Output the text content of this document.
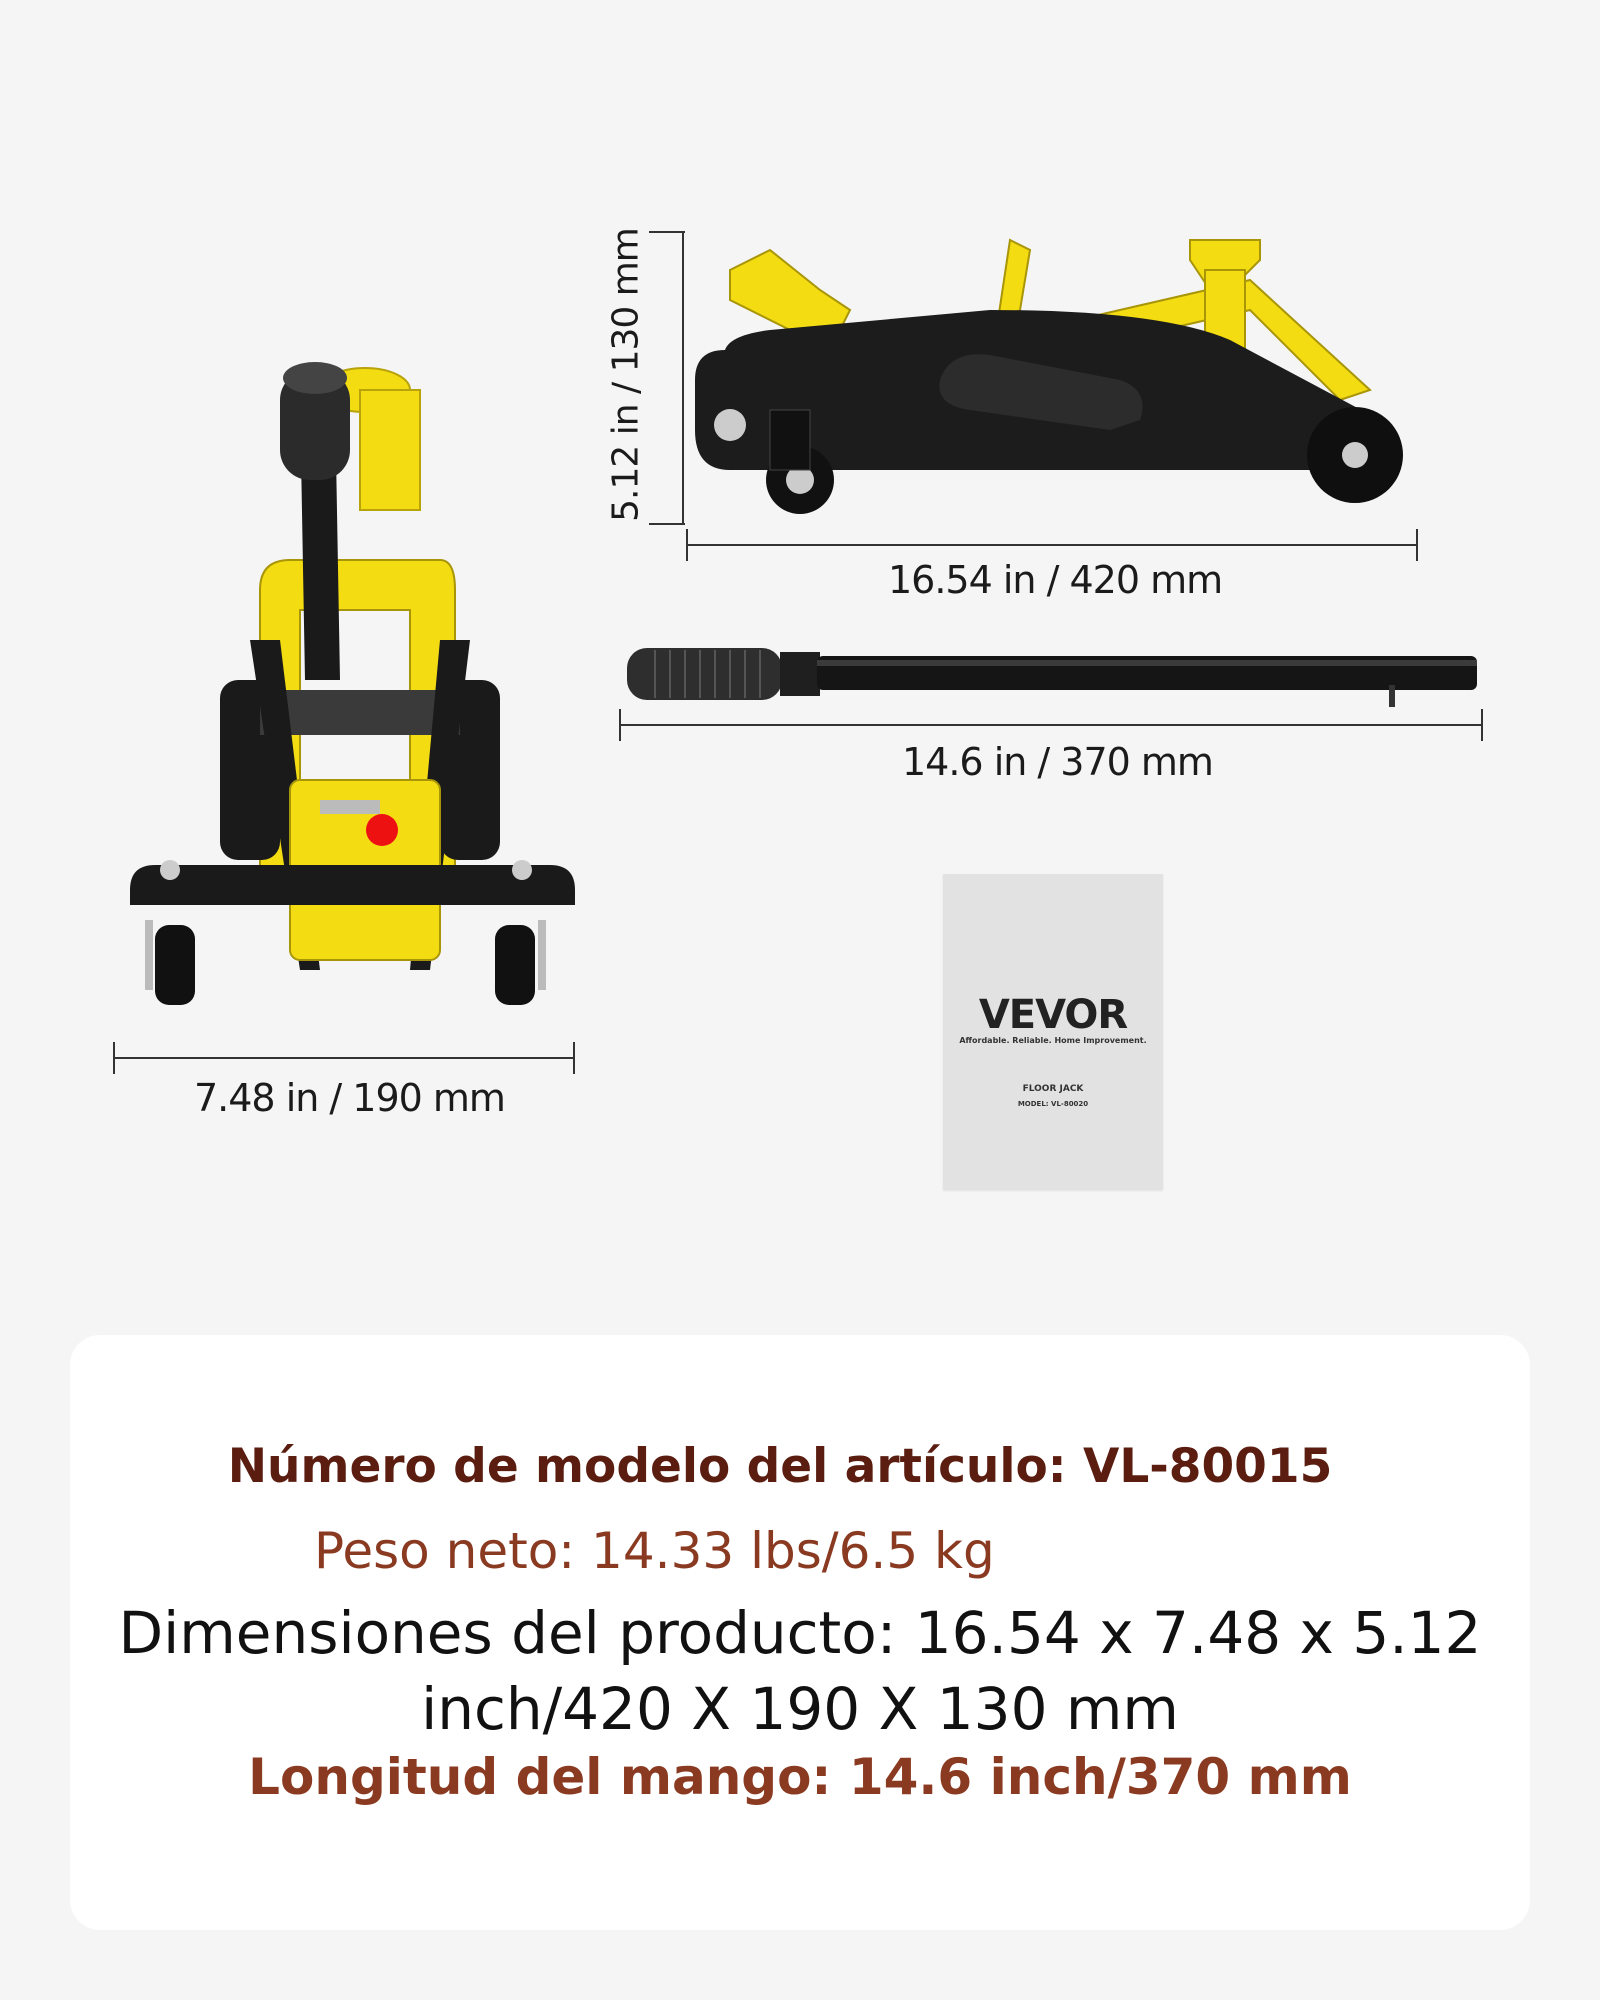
7.48 in / 190 mm
5.12 in / 130 mm
16.54 in / 420 mm
14.6 in / 370 mm
VEVOR
Affordable. Reliable. Home Improvement.
FLOOR JACK
MODEL: VL-80020
Número de modelo del artículo: VL-80015
Peso neto: 14.33 lbs/6.5 kg
Dimensiones del producto: 16.54 x 7.48 x 5.12 inch/420 X 190 X 130 mm
Longitud del mango: 14.6 inch/370 mm
